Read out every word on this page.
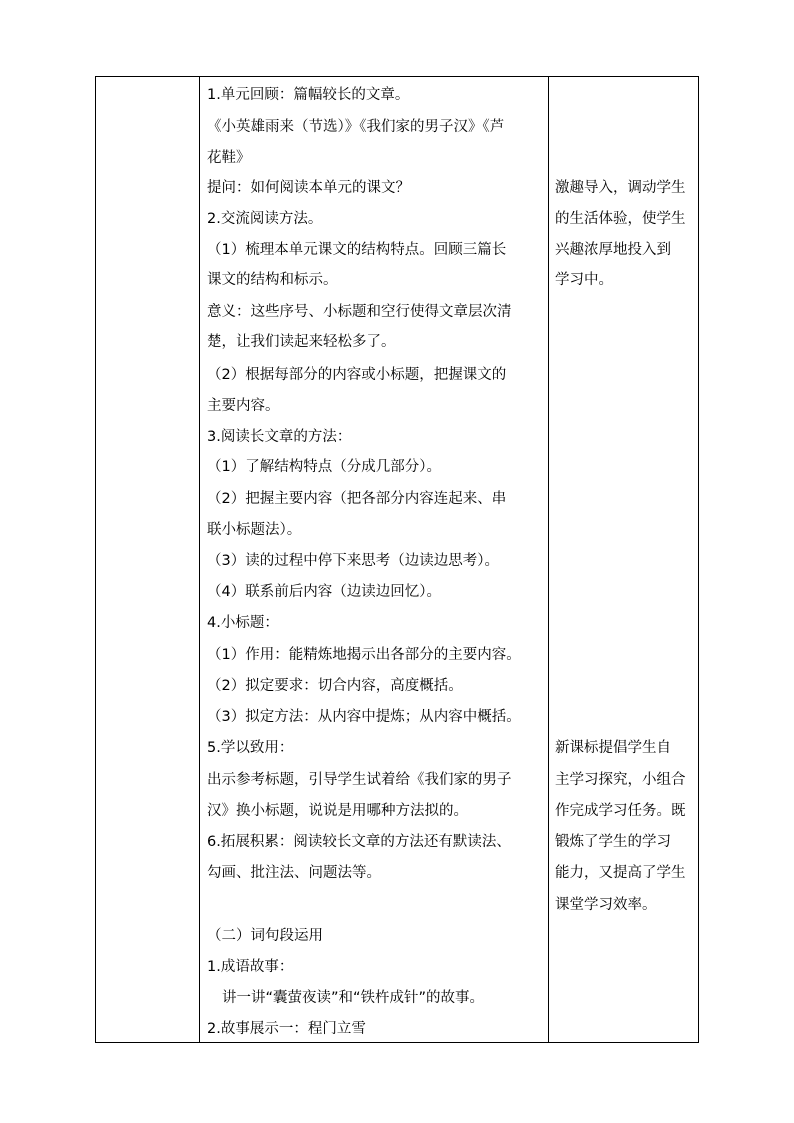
1.单元回顾：篇幅较长的文章。
《小英雄雨来（节选）》《我们家的男子汉》《芦
花鞋》
提问：如何阅读本单元的课文？
2.交流阅读方法。
（1）梳理本单元课文的结构特点。回顾三篇长
课文的结构和标示。
意义：这些序号、小标题和空行使得文章层次清
楚，让我们读起来轻松多了。
（2）根据每部分的内容或小标题，把握课文的
主要内容。
3.阅读长文章的方法：
（1）了解结构特点（分成几部分）。
（2）把握主要内容（把各部分内容连起来、串
联小标题法）。
（3）读的过程中停下来思考（边读边思考）。
（4）联系前后内容（边读边回忆）。
4.小标题：
（1）作用：能精炼地揭示出各部分的主要内容。
（2）拟定要求：切合内容，高度概括。
（3）拟定方法：从内容中提炼；从内容中概括。
5.学以致用：
出示参考标题，引导学生试着给《我们家的男子
汉》换小标题，说说是用哪种方法拟的。
6.拓展积累：阅读较长文章的方法还有默读法、
勾画、批注法、问题法等。
（二）词句段运用
1.成语故事：
讲一讲“囊萤夜读”和“铁杵成针”的故事。
2.故事展示一：程门立雪
激趣导入，调动学生
的生活体验，使学生
兴趣浓厚地投入到
学习中。
新课标提倡学生自
主学习探究，小组合
作完成学习任务。既
锻炼了学生的学习
能力，又提高了学生
课堂学习效率。
